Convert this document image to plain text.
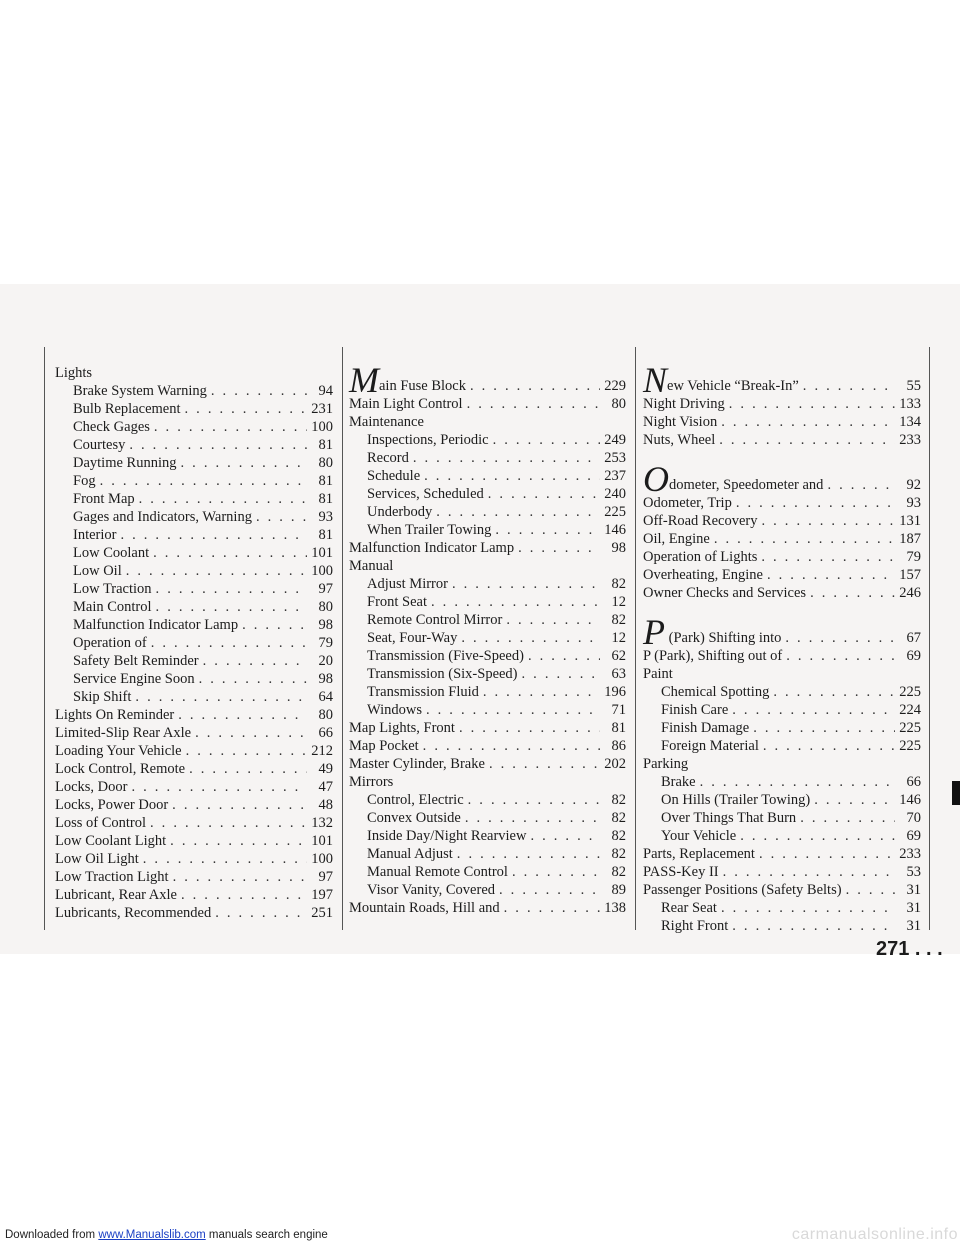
Lights
Brake System Warning . . .	94
Bulb Replacement . . .	231
Check Gages . . .	100
Courtesy . . .	81
Daytime Running . . .	80
Fog . . .	81
Front Map . . .	81
Gages and Indicators, Warning . . .	93
Interior . . .	81
Low Coolant . . .	101
Low Oil . . .	100
Low Traction . . .	97
Main Control . . .	80
Malfunction Indicator Lamp . . .	98
Operation of . . .	79
Safety Belt Reminder . . .	20
Service Engine Soon . . .	98
Skip Shift . . .	64
Lights On Reminder . . .	80
Limited-Slip Rear Axle . . .	66
Loading Your Vehicle . . .	212
Lock Control, Remote . . .	49
Locks, Door . . .	47
Locks, Power Door . . .	48
Loss of Control . . .	132
Low Coolant Light . . .	101
Low Oil Light . . .	100
Low Traction Light . . .	97
Lubricant, Rear Axle . . .	197
Lubricants, Recommended . . .	251
Main Fuse Block . . .	229
Main Light Control . . .	80
Maintenance
Inspections, Periodic . . .	249
Record . . .	253
Schedule . . .	237
Services, Scheduled . . .	240
Underbody . . .	225
When Trailer Towing . . .	146
Malfunction Indicator Lamp . . .	98
Manual
Adjust Mirror . . .	82
Front Seat . . .	12
Remote Control Mirror . . .	82
Seat, Four-Way . . .	12
Transmission (Five-Speed) . . .	62
Transmission (Six-Speed) . . .	63
Transmission Fluid . . .	196
Windows . . .	71
Map Lights, Front . . .	81
Map Pocket . . .	86
Master Cylinder, Brake . . .	202
Mirrors
Control, Electric . . .	82
Convex Outside . . .	82
Inside Day/Night Rearview . . .	82
Manual Adjust . . .	82
Manual Remote Control . . .	82
Visor Vanity, Covered . . .	89
Mountain Roads, Hill and . . .	138
New Vehicle “Break-In” . . .	55
Night Driving . . .	133
Night Vision . . .	134
Nuts, Wheel . . .	233
Odometer, Speedometer and . . .	92
Odometer, Trip . . .	93
Off-Road Recovery . . .	131
Oil, Engine . . .	187
Operation of Lights . . .	79
Overheating, Engine . . .	157
Owner Checks and Services . . .	246
P (Park) Shifting into . . .	67
P (Park), Shifting out of . . .	69
Paint
Chemical Spotting . . .	225
Finish Care . . .	224
Finish Damage . . .	225
Foreign Material . . .	225
Parking
Brake . . .	66
On Hills (Trailer Towing) . . .	146
Over Things That Burn . . .	70
Your Vehicle . . .	69
Parts, Replacement . . .	233
PASS-Key II . . .	53
Passenger Positions (Safety Belts) . . .	31
Rear Seat . . .	31
Right Front . . .	31
271 . . .
Downloaded from www.Manualslib.com manuals search engine	carmanualsonline.info
